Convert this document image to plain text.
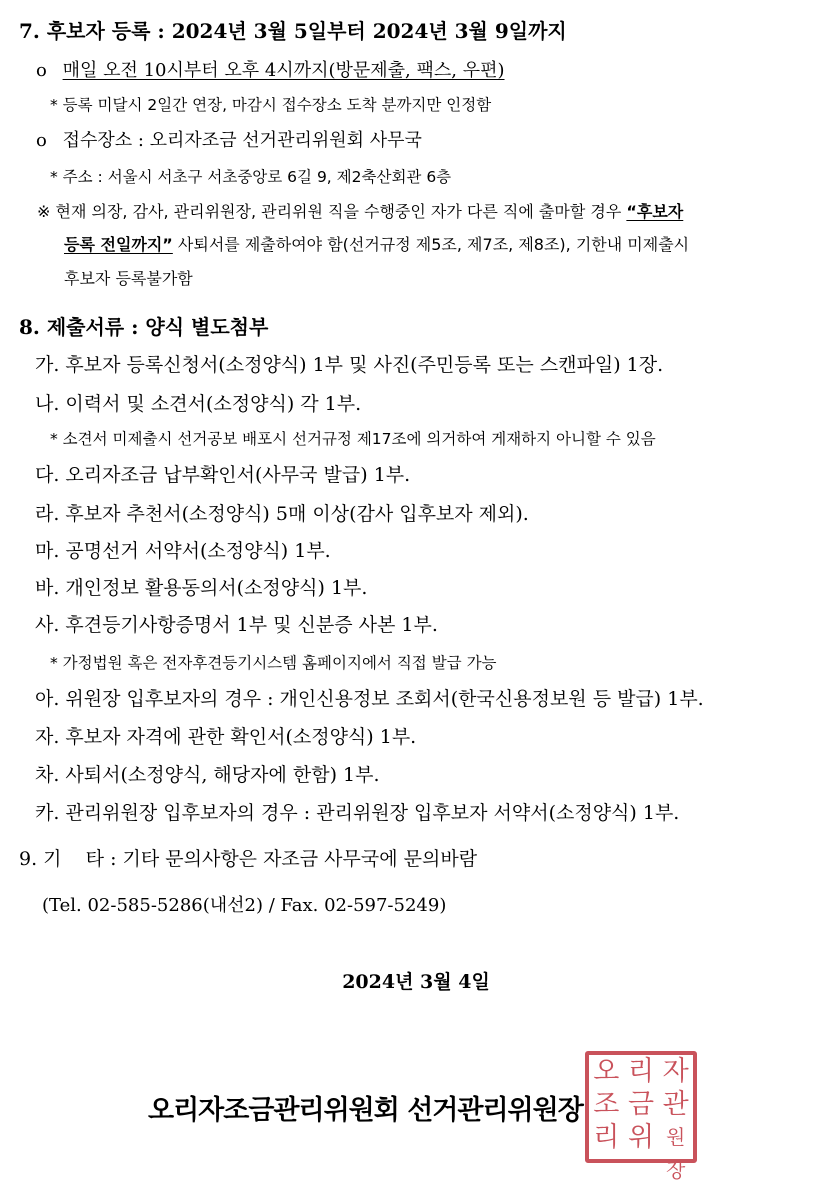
7. 후보자 등록 : 2024년 3월 5일부터 2024년 3월 9일까지
o 매일 오전 10시부터 오후 4시까지(방문제출, 팩스, 우편)
* 등록 미달시 2일간 연장, 마감시 접수장소 도착 분까지만 인정함
o 접수장소 : 오리자조금 선거관리위원회 사무국
* 주소 : 서울시 서초구 서초중앙로 6길 9, 제2축산회관 6층
※ 현재 의장, 감사, 관리위원장, 관리위원 직을 수행중인 자가 다른 직에 출마할 경우 “후보자
등록 전일까지” 사퇴서를 제출하여야 함(선거규정 제5조, 제7조, 제8조), 기한내 미제출시
후보자 등록불가함
8. 제출서류 : 양식 별도첨부
가. 후보자 등록신청서(소정양식) 1부 및 사진(주민등록 또는 스캔파일) 1장.
나. 이력서 및 소견서(소정양식) 각 1부.
* 소견서 미제출시 선거공보 배포시 선거규정 제17조에 의거하여 게재하지 아니할 수 있음
다. 오리자조금 납부확인서(사무국 발급) 1부.
라. 후보자 추천서(소정양식) 5매 이상(감사 입후보자 제외).
마. 공명선거 서약서(소정양식) 1부.
바. 개인정보 활용동의서(소정양식) 1부.
사. 후견등기사항증명서 1부 및 신분증 사본 1부.
* 가정법원 혹은 전자후견등기시스템 홈페이지에서 직접 발급 가능
아. 위원장 입후보자의 경우 : 개인신용정보 조회서(한국신용정보원 등 발급) 1부.
자. 후보자 자격에 관한 확인서(소정양식) 1부.
차. 사퇴서(소정양식, 해당자에 한함) 1부.
카. 관리위원장 입후보자의 경우 : 관리위원장 입후보자 서약서(소정양식) 1부.
9. 기    타 : 기타 문의사항은 자조금 사무국에 문의바람
(Tel. 02-585-5286(내선2) / Fax. 02-597-5249)
2024년 3월 4일
오리자조금관리위원회 선거관리위원장
오 리 자
조 금 관
리 위 원장
